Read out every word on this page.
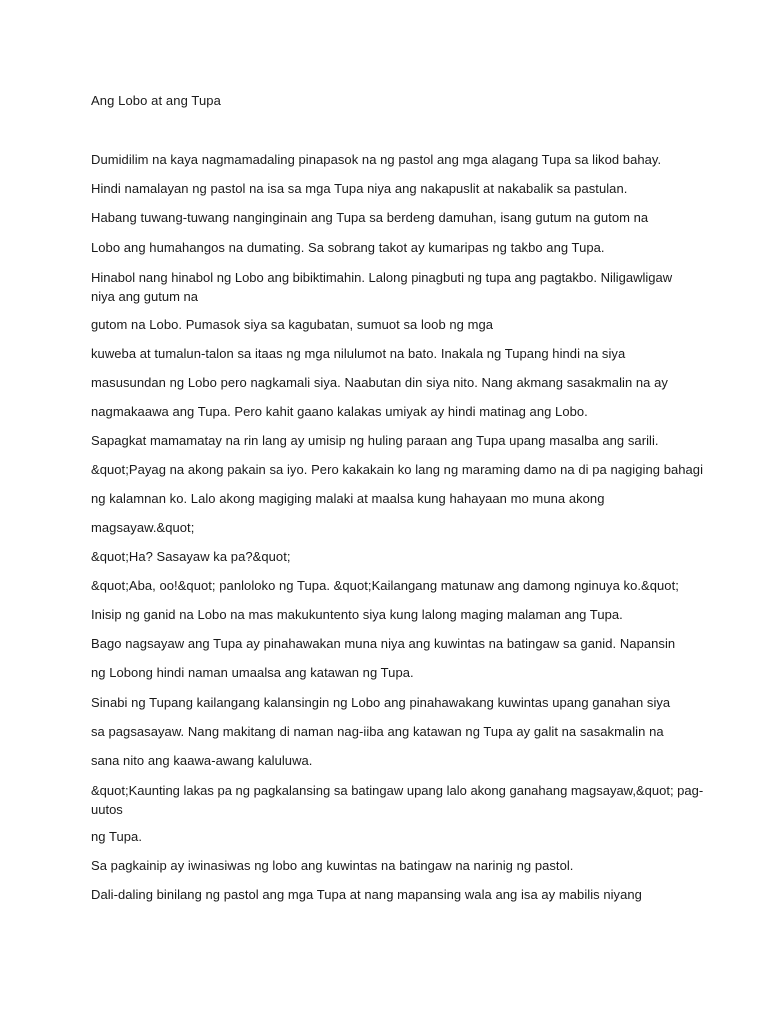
Ang Lobo at ang Tupa
Dumidilim na kaya nagmamadaling pinapasok na ng pastol ang mga alagang Tupa sa likod bahay.
Hindi namalayan ng pastol na isa sa mga Tupa niya ang nakapuslit at nakabalik sa pastulan.
Habang tuwang-tuwang nanginginain ang Tupa sa berdeng damuhan, isang gutum na gutom na
Lobo ang humahangos na dumating. Sa sobrang takot ay kumaripas ng takbo ang Tupa.
Hinabol nang hinabol ng Lobo ang bibiktimahin. Lalong pinagbuti ng tupa ang pagtakbo. Niligawligaw
niya ang gutum na
gutom na Lobo. Pumasok siya sa kagubatan, sumuot sa loob ng mga
kuweba at tumalun-talon sa itaas ng mga nilulumot na bato. Inakala ng Tupang hindi na siya
masusundan ng Lobo pero nagkamali siya. Naabutan din siya nito. Nang akmang sasakmalin na ay
nagmakaawa ang Tupa. Pero kahit gaano kalakas umiyak ay hindi matinag ang Lobo.
Sapagkat mamamatay na rin lang ay umisip ng huling paraan ang Tupa upang masalba ang sarili.
&quot;Payag na akong pakain sa iyo. Pero kakakain ko lang ng maraming damo na di pa nagiging bahagi
ng kalamnan ko. Lalo akong magiging malaki at maalsa kung hahayaan mo muna akong
magsayaw.&quot;
&quot;Ha? Sasayaw ka pa?&quot;
&quot;Aba, oo!&quot; panloloko ng Tupa. &quot;Kailangang matunaw ang damong nginuya ko.&quot;
Inisip ng ganid na Lobo na mas makukuntento siya kung lalong maging malaman ang Tupa.
Bago nagsayaw ang Tupa ay pinahawakan muna niya ang kuwintas na batingaw sa ganid. Napansin
ng Lobong hindi naman umaalsa ang katawan ng Tupa.
Sinabi ng Tupang kailangang kalansingin ng Lobo ang pinahawakang kuwintas upang ganahan siya
sa pagsasayaw. Nang makitang di naman nag-iiba ang katawan ng Tupa ay galit na sasakmalin na
sana nito ang kaawa-awang kaluluwa.
&quot;Kaunting lakas pa ng pagkalansing sa batingaw upang lalo akong ganahang magsayaw,&quot; pag-
uutos
ng Tupa.
Sa pagkainip ay iwinasiwas ng lobo ang kuwintas na batingaw na narinig ng pastol.
Dali-daling binilang ng pastol ang mga Tupa at nang mapansing wala ang isa ay mabilis niyang
